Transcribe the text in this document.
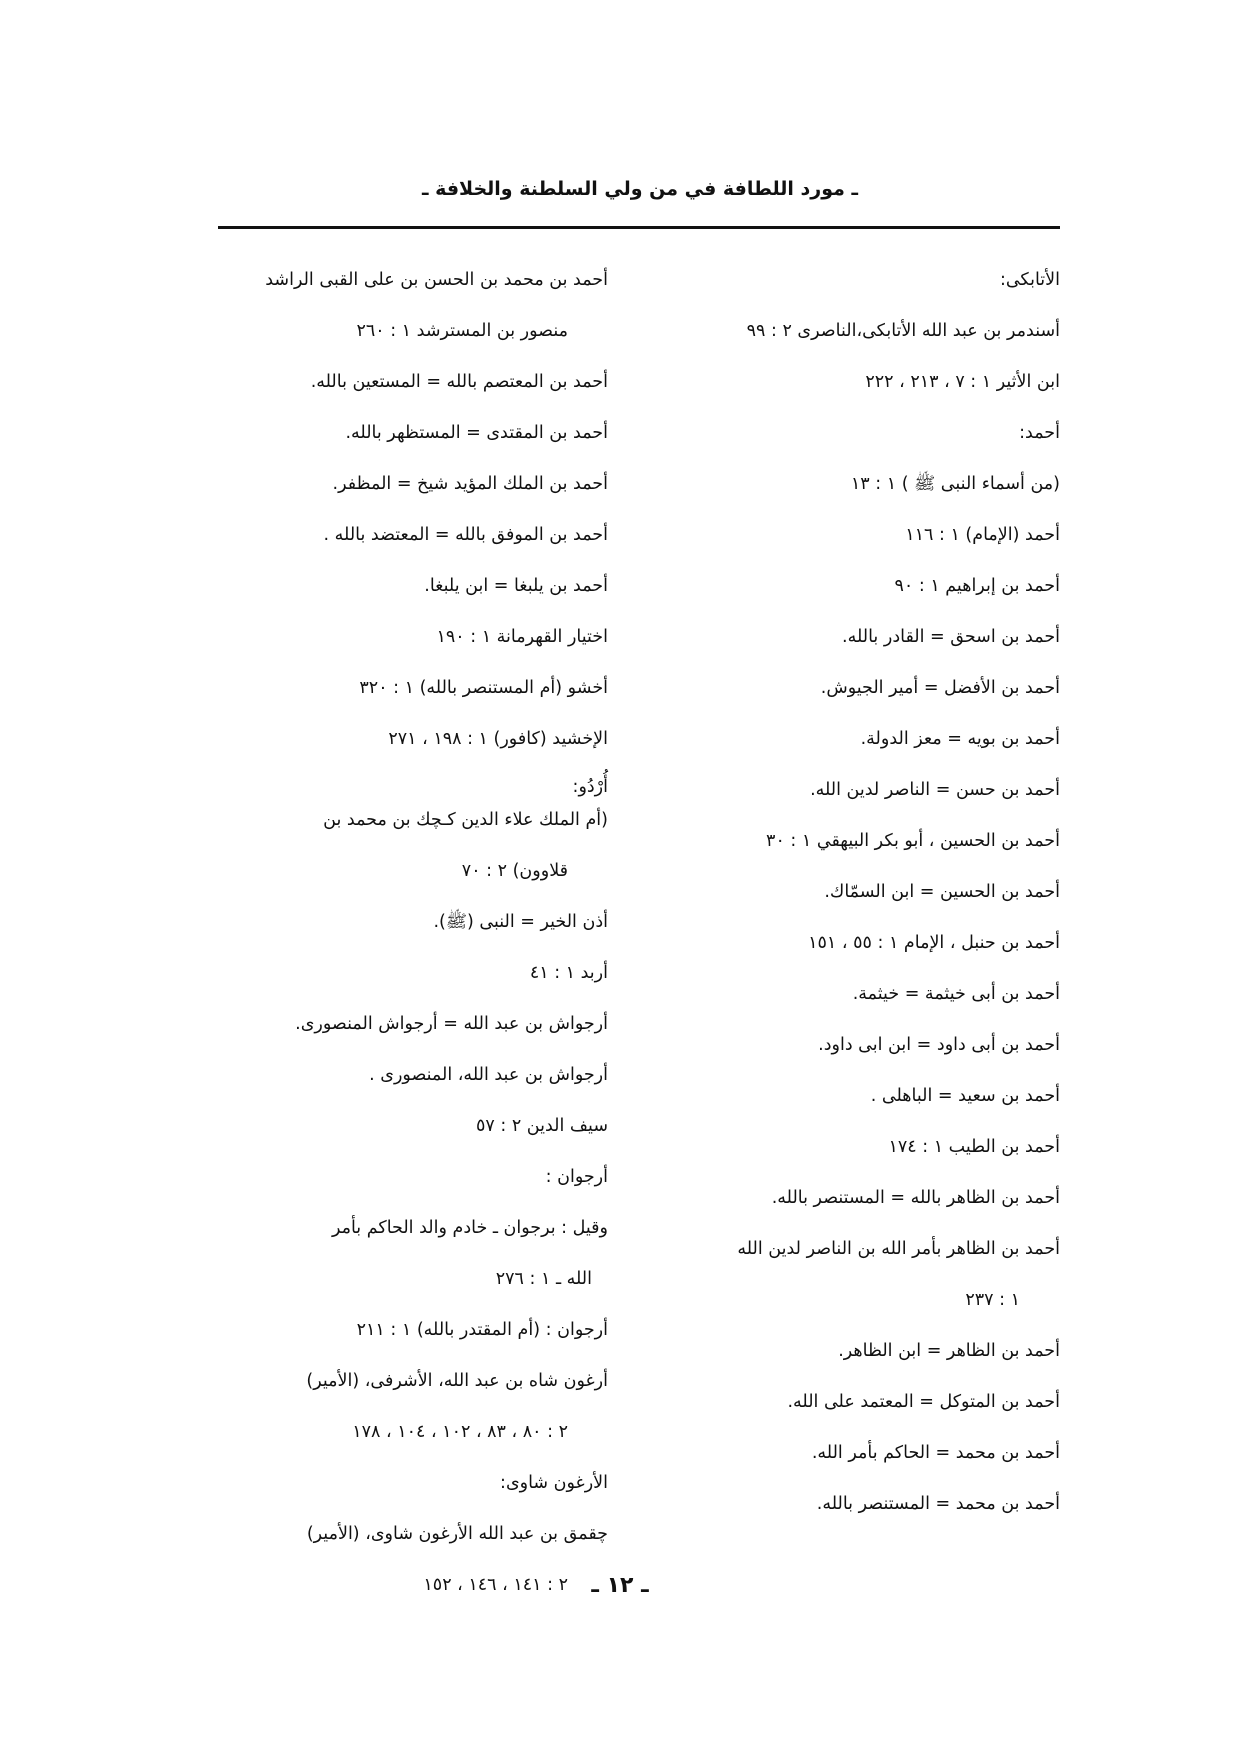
ـ مورد اللطافة في من ولي السلطنة والخلافة ـ
الأتابكى:
أسندمر بن عبد الله الأتابكى،الناصرى ٢ : ٩٩
ابن الأثير ١ : ٧ ، ٢١٣ ، ٢٢٢
أحمد:
(من أسماء النبى ﷺ ) ١ : ١٣
أحمد (الإمام) ١ : ١١٦
أحمد بن إبراهيم ١ : ٩٠
أحمد بن اسحق = القادر بالله.
أحمد بن الأفضل = أمير الجيوش.
أحمد بن بويه = معز الدولة.
أحمد بن حسن = الناصر لدين الله.
أحمد بن الحسين ، أبو بكر البيهقي ١ : ٣٠
أحمد بن الحسين = ابن السمّاك.
أحمد بن حنبل ، الإمام ١ : ٥٥ ، ١٥١
أحمد بن أبى خيثمة = خيثمة.
أحمد بن أبى داود = ابن ابى داود.
أحمد بن سعيد = الباهلى .
أحمد بن الطيب ١ : ١٧٤
أحمد بن الظاهر بالله = المستنصر بالله.
أحمد بن الظاهر بأمر الله بن الناصر لدين الله
١ : ٢٣٧
أحمد بن الظاهر = ابن الظاهر.
أحمد بن المتوكل = المعتمد على الله.
أحمد بن محمد = الحاكم بأمر الله.
أحمد بن محمد = المستنصر بالله.
أحمد بن محمد بن الحسن بن على القبى الراشد
منصور بن المسترشد ١ : ٢٦٠
أحمد بن المعتصم بالله = المستعين بالله.
أحمد بن المقتدى = المستظهر بالله.
أحمد بن الملك المؤيد شيخ = المظفر.
أحمد بن الموفق بالله = المعتضد بالله .
أحمد بن يلبغا = ابن يلبغا.
اختيار القهرمانة ١ : ١٩٠
أخشو (أم المستنصر بالله) ١ : ٣٢٠
الإخشيد (كافور) ١ : ١٩٨ ، ٢٧١
أُرْدُو:
(أم الملك علاء الدين كـچك بن محمد بن
قلاوون) ٢ : ٧٠
أذن الخير = النبى (ﷺ).
أربد ١ : ٤١
أرجواش بن عبد الله = أرجواش المنصورى.
أرجواش بن عبد الله، المنصورى .
سيف الدين ٢ : ٥٧
أرجوان :
وقيل : برجوان ـ خادم والد الحاكم بأمر
الله ـ ١ : ٢٧٦
أرجوان : (أم المقتدر بالله) ١ : ٢١١
أرغون شاه بن عبد الله، الأشرفى، (الأمير)
٢ : ٨٠ ، ٨٣ ، ١٠٢ ، ١٠٤ ، ١٧٨
الأرغون شاوى:
چقمق بن عبد الله الأرغون شاوى، (الأمير)
٢ : ١٤١ ، ١٤٦ ، ١٥٢	ـ ١٢ ـ
